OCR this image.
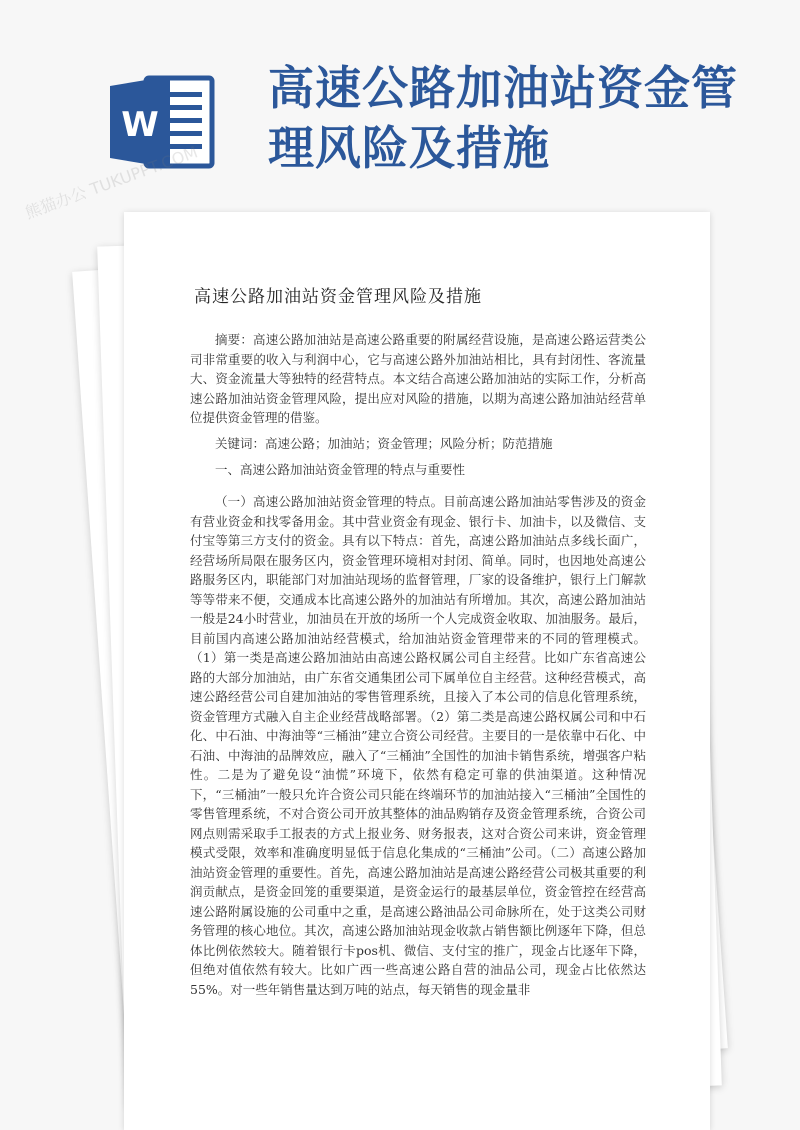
W
高速公路加油站资金管理风险及措施
熊猫办公 TUKUPPT.COM
高速公路加油站资金管理风险及措施

摘要：高速公路加油站是高速公路重要的附属经营设施，是高速公路运营类公司非常重要的收入与利润中心，它与高速公路外加油站相比，具有封闭性、客流量大、资金流量大等独特的经营特点。本文结合高速公路加油站的实际工作，分析高速公路加油站资金管理风险，提出应对风险的措施，以期为高速公路加油站经营单位提供资金管理的借鉴。

关键词：高速公路；加油站；资金管理；风险分析；防范措施

一、高速公路加油站资金管理的特点与重要性

（一）高速公路加油站资金管理的特点。目前高速公路加油站零售涉及的资金有营业资金和找零备用金。其中营业资金有现金、银行卡、加油卡，以及微信、支付宝等第三方支付的资金。具有以下特点：首先，高速公路加油站点多线长面广，经营场所局限在服务区内，资金管理环境相对封闭、简单。同时，也因地处高速公路服务区内，职能部门对加油站现场的监督管理，厂家的设备维护，银行上门解款等等带来不便，交通成本比高速公路外的加油站有所增加。其次，高速公路加油站一般是24小时营业，加油员在开放的场所一个人完成资金收取、加油服务。最后，目前国内高速公路加油站经营模式，给加油站资金管理带来的不同的管理模式。（1）第一类是高速公路加油站由高速公路权属公司自主经营。比如广东省高速公路的大部分加油站，由广东省交通集团公司下属单位自主经营。这种经营模式，高速公路经营公司自建加油站的零售管理系统，且接入了本公司的信息化管理系统，资金管理方式融入自主企业经营战略部署。（2）第二类是高速公路权属公司和中石化、中石油、中海油等“三桶油”建立合资公司经营。主要目的一是依靠中石化、中石油、中海油的品牌效应，融入了“三桶油”全国性的加油卡销售系统，增强客户粘性。二是为了避免设“油慌”环境下，依然有稳定可靠的供油渠道。这种情况下，“三桶油”一般只允许合资公司只能在终端环节的加油站接入“三桶油”全国性的零售管理系统，不对合资公司开放其整体的油品购销存及资金管理系统，合资公司网点则需采取手工报表的方式上报业务、财务报表，这对合资公司来讲，资金管理模式受限，效率和准确度明显低于信息化集成的“三桶油”公司。（二）高速公路加油站资金管理的重要性。首先，高速公路加油站是高速公路经营公司极其重要的利润贡献点，是资金回笼的重要渠道，是资金运行的最基层单位，资金管控在经营高速公路附属设施的公司重中之重，是高速公路油品公司命脉所在，处于这类公司财务管理的核心地位。其次，高速公路加油站现金收款占销售额比例逐年下降，但总体比例依然较大。随着银行卡pos机、微信、支付宝的推广，现金占比逐年下降，但绝对值依然有较大。比如广西一些高速公路自营的油品公司，现金占比依然达55%。对一些年销售量达到万吨的站点，每天销售的现金量非
